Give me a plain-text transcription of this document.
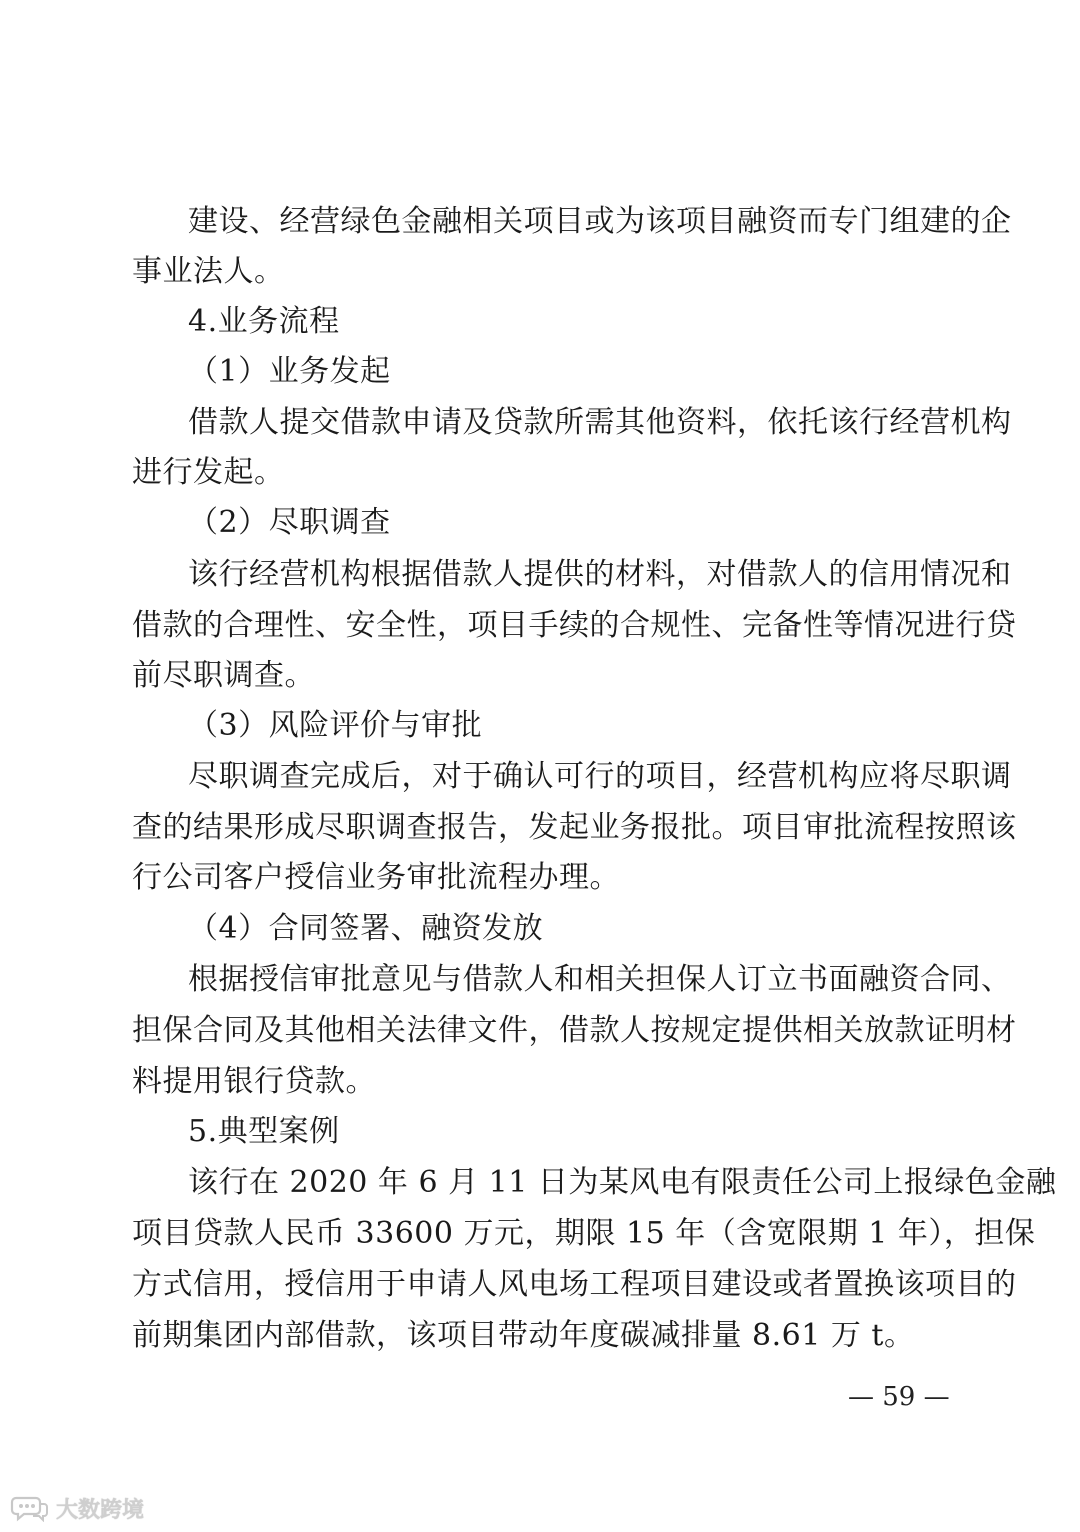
建设、经营绿色金融相关项目或为该项目融资而专门组建的企
事业法人。
4.业务流程
（1）业务发起
借款人提交借款申请及贷款所需其他资料，依托该行经营机构
进行发起。
（2）尽职调查
该行经营机构根据借款人提供的材料，对借款人的信用情况和
借款的合理性、安全性，项目手续的合规性、完备性等情况进行贷
前尽职调查。
（3）风险评价与审批
尽职调查完成后，对于确认可行的项目，经营机构应将尽职调
查的结果形成尽职调查报告，发起业务报批。项目审批流程按照该
行公司客户授信业务审批流程办理。
（4）合同签署、融资发放
根据授信审批意见与借款人和相关担保人订立书面融资合同、
担保合同及其他相关法律文件，借款人按规定提供相关放款证明材
料提用银行贷款。
5.典型案例
该行在 2020 年 6 月 11 日为某风电有限责任公司上报绿色金融
项目贷款人民币 33600 万元，期限 15 年（含宽限期 1 年），担保
方式信用，授信用于申请人风电场工程项目建设或者置换该项目的
前期集团内部借款，该项目带动年度碳减排量 8.61 万 t。
— 59 —
大数跨境
